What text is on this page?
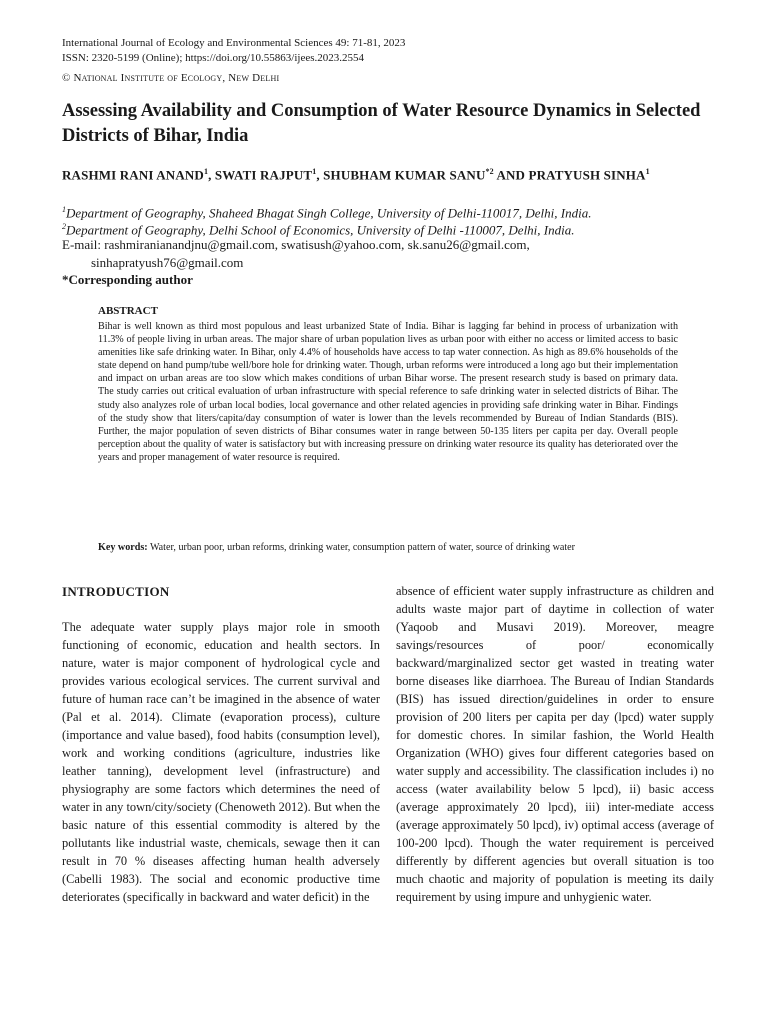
International Journal of Ecology and Environmental Sciences 49: 71-81, 2023
ISSN: 2320-5199 (Online); https://doi.org/10.55863/ijees.2023.2554
© National Institute of Ecology, New Delhi
Assessing Availability and Consumption of Water Resource Dynamics in Selected Districts of Bihar, India
RASHMI RANI ANAND$^1$, SWATI RAJPUT$^1$, SHUBHAM KUMAR SANU$^{*2}$ AND PRATYUSH SINHA$^1$
$^1$Department of Geography, Shaheed Bhagat Singh College, University of Delhi-110017, Delhi, India.
$^2$Department of Geography, Delhi School of Economics, University of Delhi -110007, Delhi, India.
E-mail: rashmiranianandjnu@gmail.com, swatisush@yahoo.com, sk.sanu26@gmail.com,
sinhapratyush76@gmail.com
*Corresponding author
ABSTRACT
Bihar is well known as third most populous and least urbanized State of India. Bihar is lagging far behind in process of urbanization with 11.3% of people living in urban areas. The major share of urban population lives as urban poor with either no access or limited access to basic amenities like safe drinking water. In Bihar, only 4.4% of households have access to tap water connection. As high as 89.6% households of the state depend on hand pump/tube well/bore hole for drinking water. Though, urban reforms were introduced a long ago but their implementation and impact on urban areas are too slow which makes conditions of urban Bihar worse. The present research study is based on primary data. The study carries out critical evaluation of urban infrastructure with special reference to safe drinking water in selected districts of Bihar. The study also analyzes role of urban local bodies, local governance and other related agencies in providing safe drinking water in Bihar. Findings of the study show that liters/capita/day consumption of water is lower than the levels recommended by Bureau of Indian Standards (BIS). Further, the major population of seven districts of Bihar consumes water in range between 50-135 liters per capita per day. Overall people perception about the quality of water is satisfactory but with increasing pressure on drinking water resource its quality has deteriorated over the years and proper management of water resource is required.
Key words: Water, urban poor, urban reforms, drinking water, consumption pattern of water, source of drinking water
INTRODUCTION
The adequate water supply plays major role in smooth functioning of economic, education and health sectors. In nature, water is major component of hydrological cycle and provides various ecological services. The current survival and future of human race can’t be imagined in the absence of water (Pal et al. 2014). Climate (evaporation process), culture (importance and value based), food habits (consumption level), work and working conditions (agriculture, industries like leather tanning), development level (infrastructure) and physiography are some factors which determines the need of water in any town/city/society (Chenoweth 2012). But when the basic nature of this essential commodity is altered by the pollutants like industrial waste, chemicals, sewage then it can result in 70 % diseases affecting human health adversely (Cabelli 1983). The social and economic productive time deteriorates (specifically in backward and water deficit) in the
absence of efficient water supply infrastructure as children and adults waste major part of daytime in collection of water (Yaqoob and Musavi 2019). Moreover, meagre savings/resources of poor/ economically backward/marginalized sector get wasted in treating water borne diseases like diarrhoea. The Bureau of Indian Standards (BIS) has issued direction/guidelines in order to ensure provision of 200 liters per capita per day (lpcd) water supply for domestic chores. In similar fashion, the World Health Organization (WHO) gives four different categories based on water supply and accessibility. The classification includes i) no access (water availability below 5 lpcd), ii) basic access (average approximately 20 lpcd), iii) inter-mediate access (average approximately 50 lpcd), iv) optimal access (average of 100-200 lpcd). Though the water requirement is perceived differently by different agencies but overall situation is too much chaotic and majority of population is meeting its daily requirement by using impure and unhygienic water.
